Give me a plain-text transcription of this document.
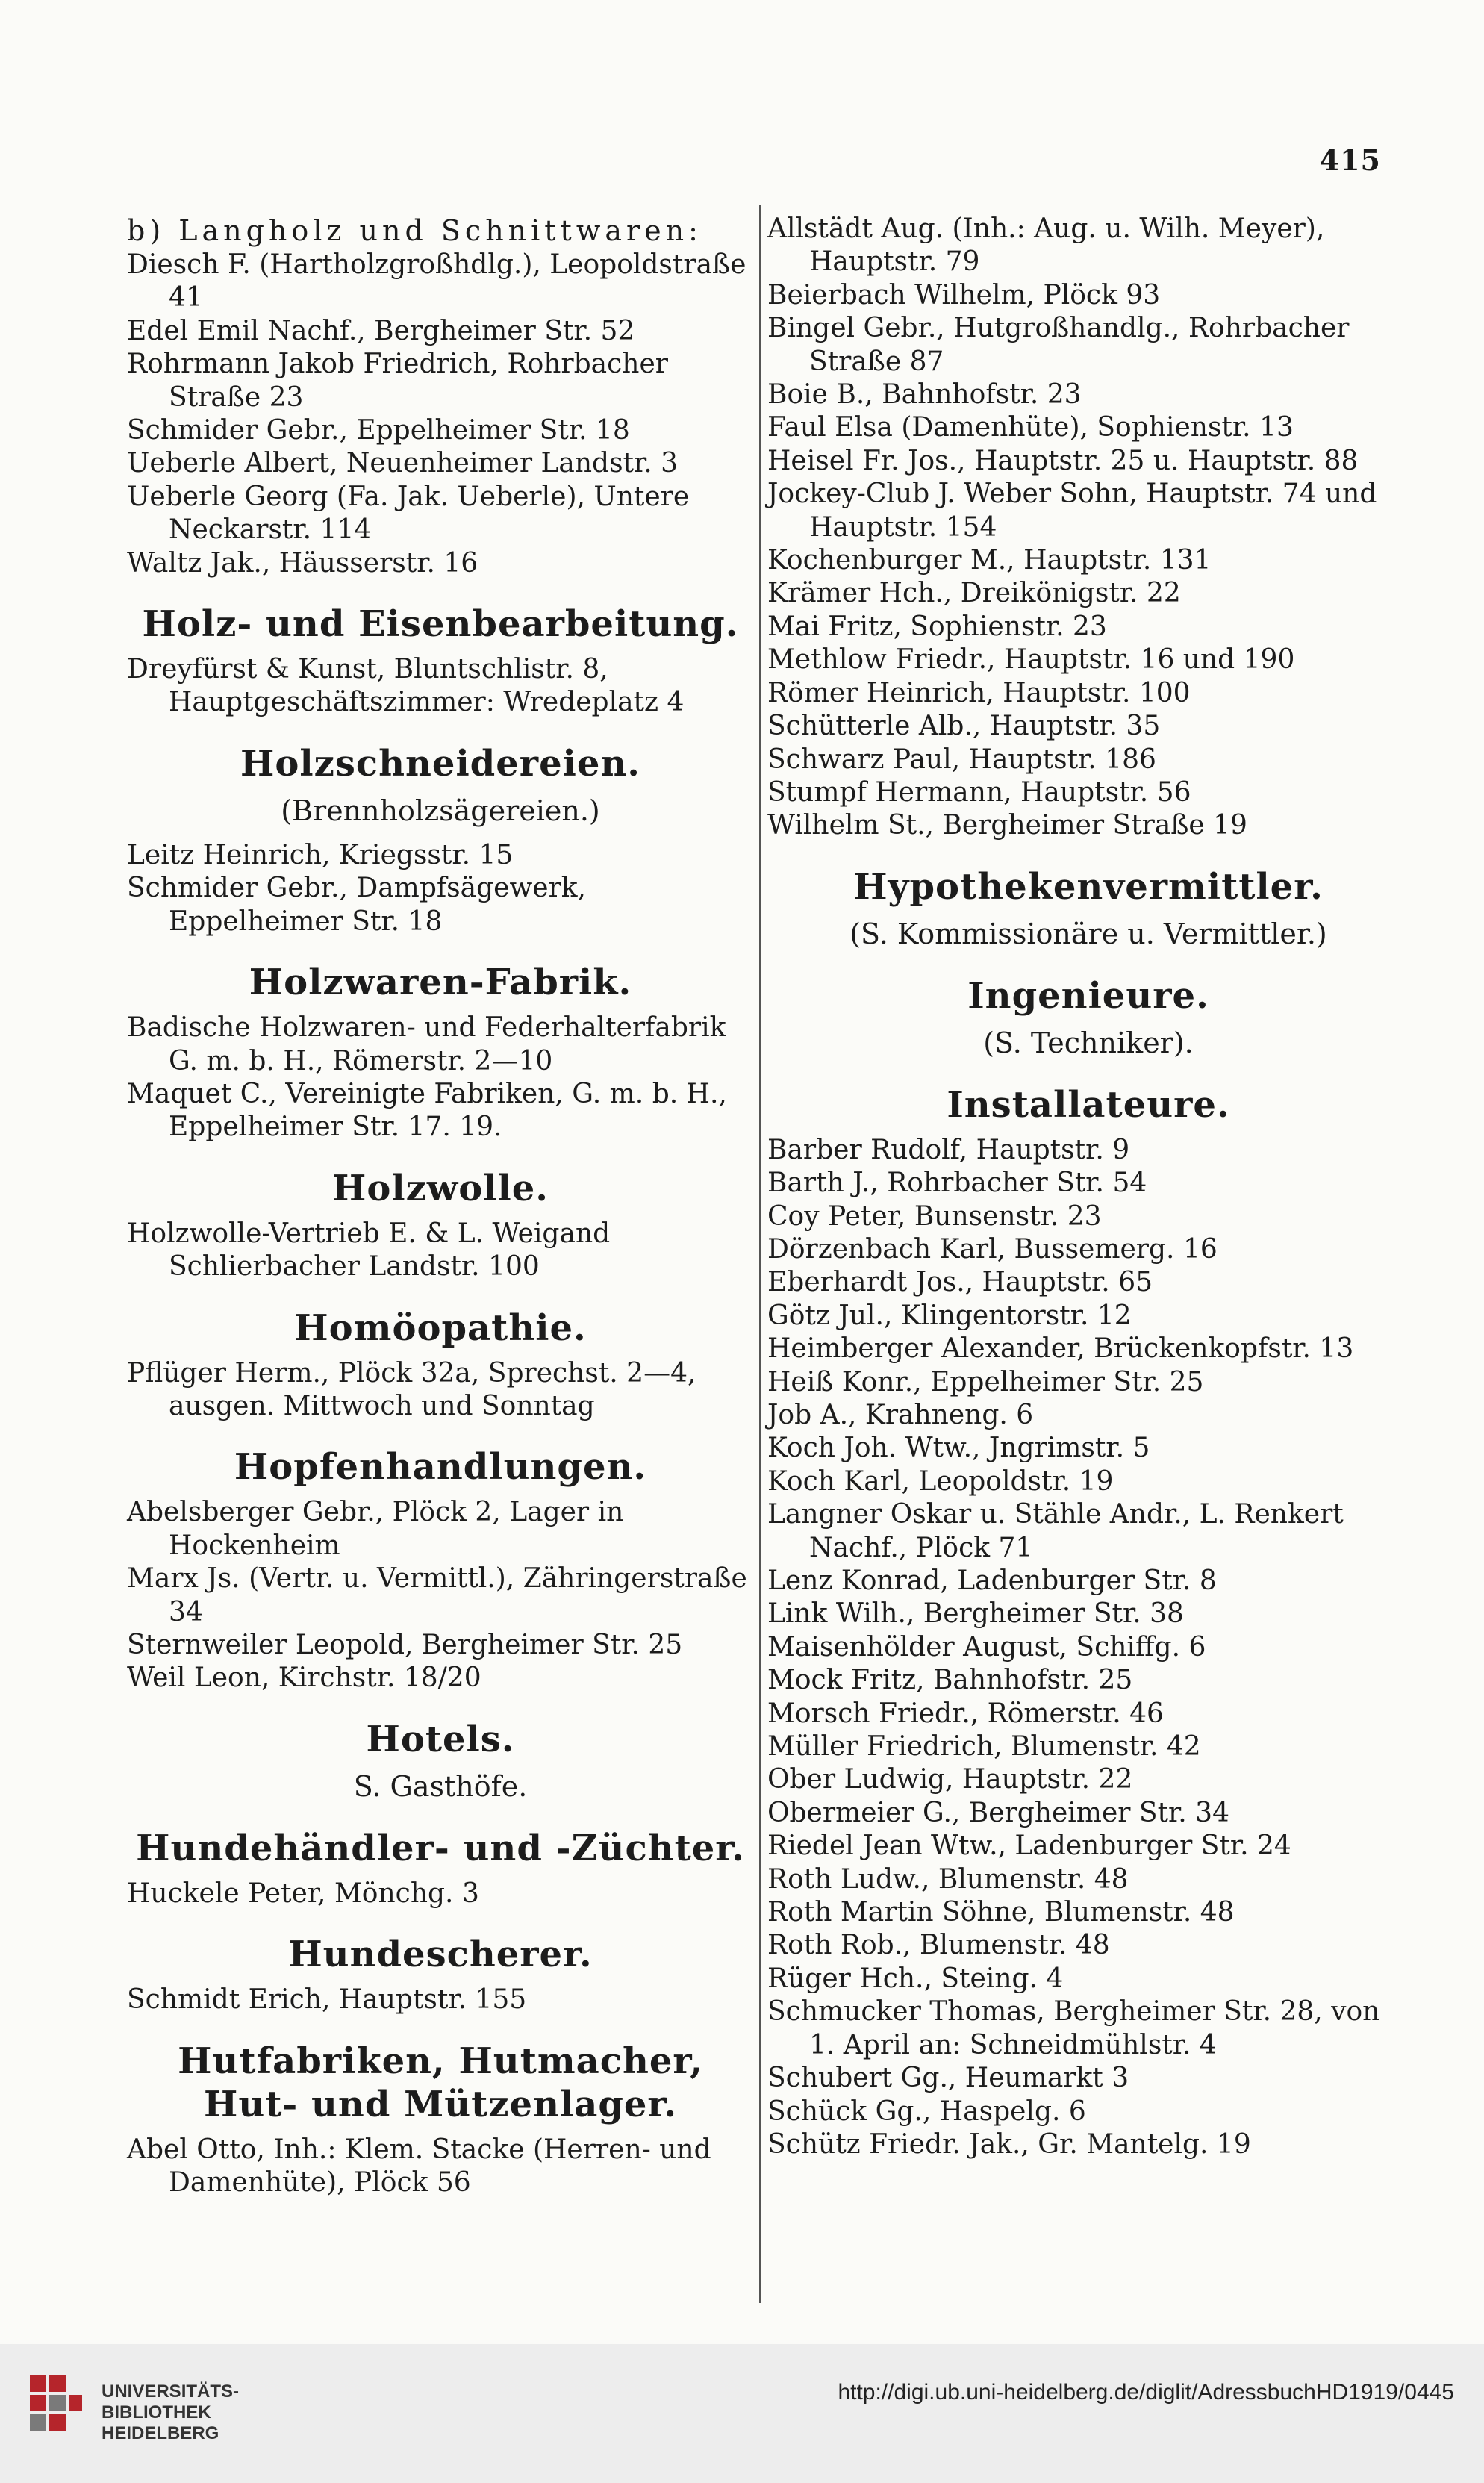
415

b) Langholz und Schnittwaren:

Diesch F. (Hartholzgroßhdlg.), Leopoldstraße 41

Edel Emil Nachf., Bergheimer Str. 52

Rohrmann Jakob Friedrich, Rohrbacher Straße 23

Schmider Gebr., Eppelheimer Str. 18

Ueberle Albert, Neuenheimer Landstr. 3

Ueberle Georg (Fa. Jak. Ueberle), Untere Neckarstr. 114

Waltz Jak., Häusserstr. 16

Holz- und Eisenbearbeitung.

Dreyfürst & Kunst, Bluntschlistr. 8, Hauptgeschäftszimmer: Wredeplatz 4

Holzschneidereien.

(Brennholzsägereien.)

Leitz Heinrich, Kriegsstr. 15

Schmider Gebr., Dampfsägewerk, Eppelheimer Str. 18

Holzwaren-Fabrik.

Badische Holzwaren- und Federhalterfabrik G. m. b. H., Römerstr. 2—10

Maquet C., Vereinigte Fabriken, G. m. b. H., Eppelheimer Str. 17. 19.

Holzwolle.

Holzwolle-Vertrieb E. & L. Weigand Schlierbacher Landstr. 100

Homöopathie.

Pflüger Herm., Plöck 32a, Sprechst. 2—4, ausgen. Mittwoch und Sonntag

Hopfenhandlungen.

Abelsberger Gebr., Plöck 2, Lager in Hockenheim

Marx Js. (Vertr. u. Vermittl.), Zähringerstraße 34

Sternweiler Leopold, Bergheimer Str. 25

Weil Leon, Kirchstr. 18/20

Hotels.

S. Gasthöfe.

Hundehändler- und -Züchter.

Huckele Peter, Mönchg. 3

Hundescherer.

Schmidt Erich, Hauptstr. 155

Hutfabriken, Hutmacher, Hut- und Mützenlager.

Abel Otto, Inh.: Klem. Stacke (Herren- und Damenhüte), Plöck 56

Allstädt Aug. (Inh.: Aug. u. Wilh. Meyer), Hauptstr. 79

Beierbach Wilhelm, Plöck 93

Bingel Gebr., Hutgroßhandlg., Rohrbacher Straße 87

Boie B., Bahnhofstr. 23

Faul Elsa (Damenhüte), Sophienstr. 13

Heisel Fr. Jos., Hauptstr. 25 u. Hauptstr. 88

Jockey-Club J. Weber Sohn, Hauptstr. 74 und Hauptstr. 154

Kochenburger M., Hauptstr. 131

Krämer Hch., Dreikönigstr. 22

Mai Fritz, Sophienstr. 23

Methlow Friedr., Hauptstr. 16 und 190

Römer Heinrich, Hauptstr. 100

Schütterle Alb., Hauptstr. 35

Schwarz Paul, Hauptstr. 186

Stumpf Hermann, Hauptstr. 56

Wilhelm St., Bergheimer Straße 19

Hypothekenvermittler.

(S. Kommissionäre u. Vermittler.)

Ingenieure.

(S. Techniker).

Installateure.

Barber Rudolf, Hauptstr. 9

Barth J., Rohrbacher Str. 54

Coy Peter, Bunsenstr. 23

Dörzenbach Karl, Bussemerg. 16

Eberhardt Jos., Hauptstr. 65

Götz Jul., Klingentorstr. 12

Heimberger Alexander, Brückenkopfstr. 13

Heiß Konr., Eppelheimer Str. 25

Job A., Krahneng. 6

Koch Joh. Wtw., Jngrimstr. 5

Koch Karl, Leopoldstr. 19

Langner Oskar u. Stähle Andr., L. Renkert Nachf., Plöck 71

Lenz Konrad, Ladenburger Str. 8

Link Wilh., Bergheimer Str. 38

Maisenhölder August, Schiffg. 6

Mock Fritz, Bahnhofstr. 25

Morsch Friedr., Römerstr. 46

Müller Friedrich, Blumenstr. 42

Ober Ludwig, Hauptstr. 22

Obermeier G., Bergheimer Str. 34

Riedel Jean Wtw., Ladenburger Str. 24

Roth Ludw., Blumenstr. 48

Roth Martin Söhne, Blumenstr. 48

Roth Rob., Blumenstr. 48

Rüger Hch., Steing. 4

Schmucker Thomas, Bergheimer Str. 28, von 1. April an: Schneidmühlstr. 4

Schubert Gg., Heumarkt 3

Schück Gg., Haspelg. 6

Schütz Friedr. Jak., Gr. Mantelg. 19

UNIVERSITÄTS-
BIBLIOTHEK
HEIDELBERG
http://digi.ub.uni-heidelberg.de/diglit/AdressbuchHD1919/0445
